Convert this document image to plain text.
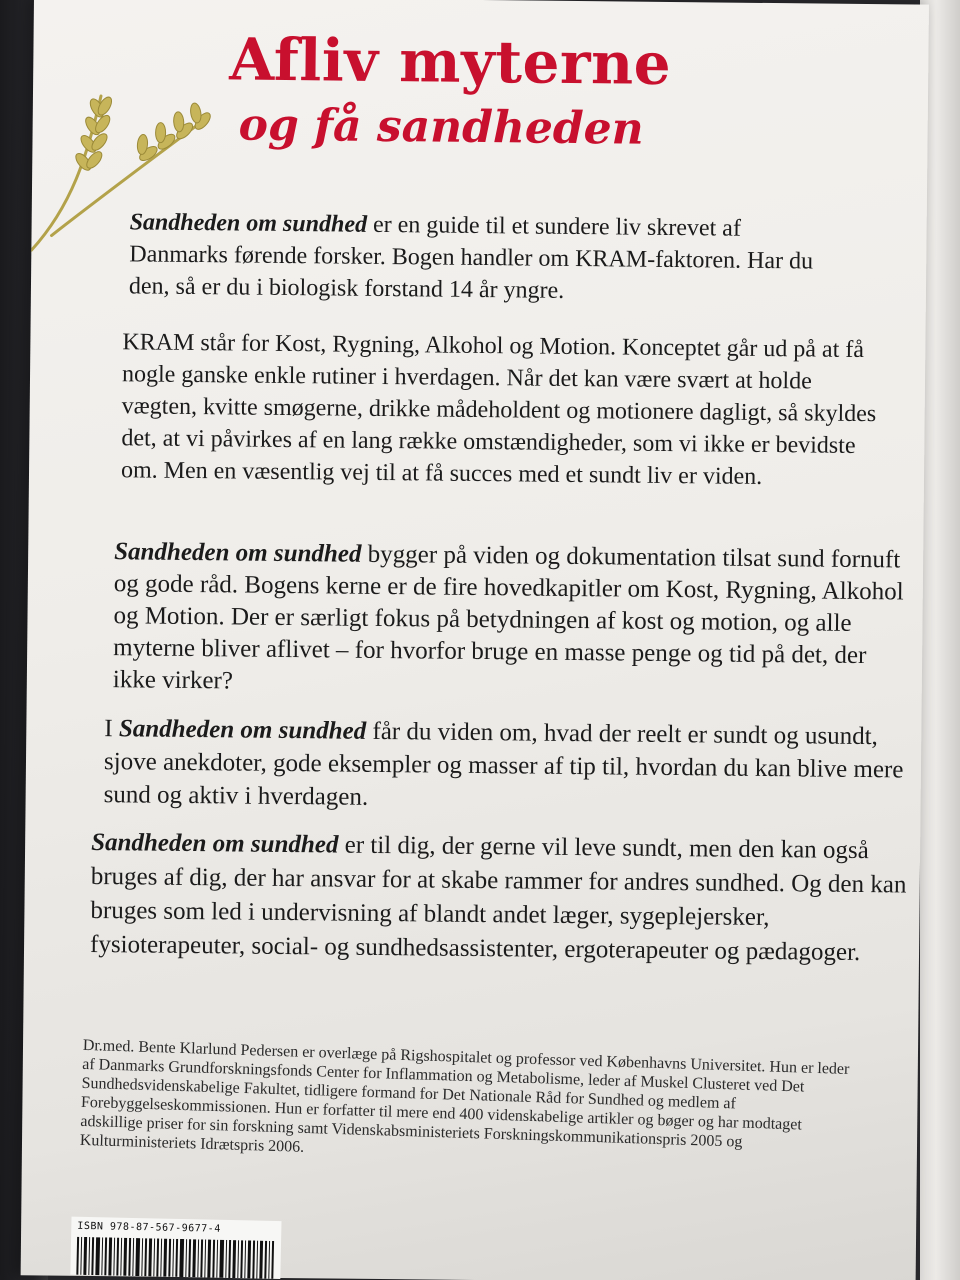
Afliv myterne
og få sandheden

Sandheden om sundhed er en guide til et sundere liv skrevet af Danmarks førende forsker. Bogen handler om KRAM-faktoren. Har du den, så er du i biologisk forstand 14 år yngre.

KRAM står for Kost, Rygning, Alkohol og Motion. Konceptet går ud på at få nogle ganske enkle rutiner i hverdagen. Når det kan være svært at holde vægten, kvitte smøgerne, drikke mådeholdent og motionere dagligt, så skyldes det, at vi påvirkes af en lang række omstændigheder, som vi ikke er bevidste om. Men en væsentlig vej til at få succes med et sundt liv er viden.

Sandheden om sundhed bygger på viden og dokumentation tilsat sund fornuft og gode råd. Bogens kerne er de fire hovedkapitler om Kost, Rygning, Alkohol og Motion. Der er særligt fokus på betydningen af kost og motion, og alle myterne bliver aflivet – for hvorfor bruge en masse penge og tid på det, der ikke virker?

I Sandheden om sundhed får du viden om, hvad der reelt er sundt og usundt, sjove anekdoter, gode eksempler og masser af tip til, hvordan du kan blive mere sund og aktiv i hverdagen.

Sandheden om sundhed er til dig, der gerne vil leve sundt, men den kan også bruges af dig, der har ansvar for at skabe rammer for andres sundhed. Og den kan bruges som led i undervisning af blandt andet læger, sygeplejersker, fysioterapeuter, social- og sundhedsassistenter, ergoterapeuter og pædagoger.

Dr.med. Bente Klarlund Pedersen er overlæge på Rigshospitalet og professor ved Københavns Universitet. Hun er leder af Danmarks Grundforskningsfonds Center for Inflammation og Metabolisme, leder af Muskel Clusteret ved Det Sundhedsvidenskabelige Fakultet, tidligere formand for Det Nationale Råd for Sundhed og medlem af Forebyggelseskommissionen. Hun er forfatter til mere end 400 videnskabelige artikler og bøger og har modtaget adskillige priser for sin forskning samt Videnskabsministeriets Forskningskommunikationspris 2005 og Kulturministeriets Idrætspris 2006.

ISBN 978-87-567-9677-4
